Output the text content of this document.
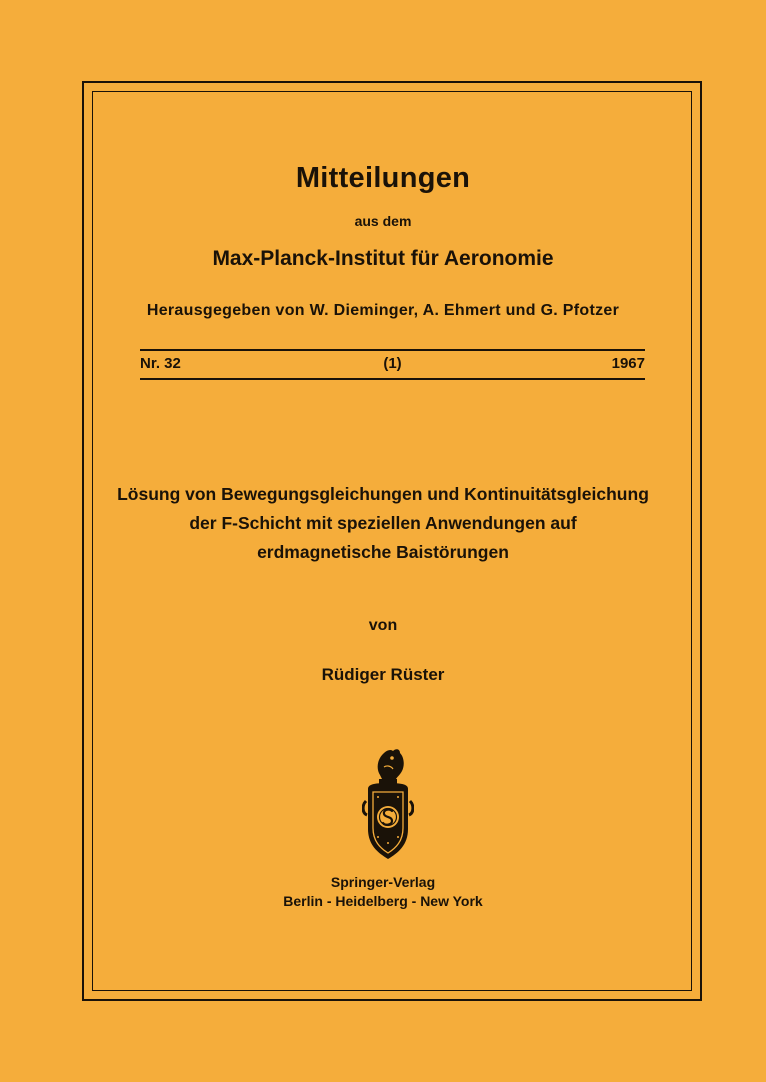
Mitteilungen
aus dem
Max-Planck-Institut für Aeronomie
Herausgegeben von W. Dieminger, A. Ehmert und G. Pfotzer
Nr. 32	(1)	1967
Lösung von Bewegungsgleichungen und Kontinuitätsgleichung
der F-Schicht mit speziellen Anwendungen auf
erdmagnetische Baistörungen
von
Rüdiger Rüster
Springer-Verlag
Berlin - Heidelberg - New York
